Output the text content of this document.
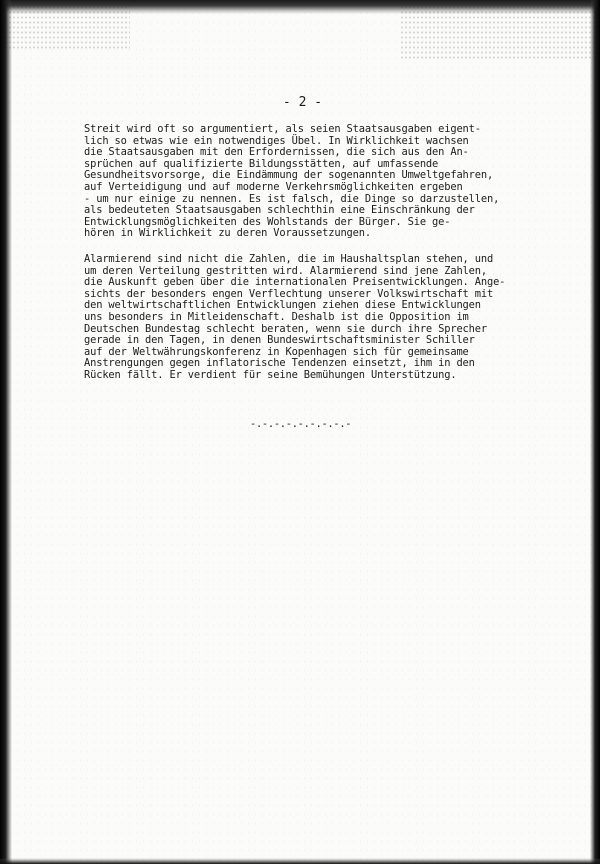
- 2 -
Streit wird oft so argumentiert, als seien Staatsausgaben eigent-
lich so etwas wie ein notwendiges Übel. In Wirklichkeit wachsen
die Staatsausgaben mit den Erfordernissen, die sich aus den An-
sprüchen auf qualifizierte Bildungsstätten, auf umfassende
Gesundheitsvorsorge, die Eindämmung der sogenannten Umweltgefahren,
auf Verteidigung und auf moderne Verkehrsmöglichkeiten ergeben
- um nur einige zu nennen. Es ist falsch, die Dinge so darzustellen,
als bedeuteten Staatsausgaben schlechthin eine Einschränkung der
Entwicklungsmöglichkeiten des Wohlstands der Bürger. Sie ge-
hören in Wirklichkeit zu deren Voraussetzungen.
Alarmierend sind nicht die Zahlen, die im Haushaltsplan stehen, und
um deren Verteilung gestritten wird. Alarmierend sind jene Zahlen,
die Auskunft geben über die internationalen Preisentwicklungen. Ange-
sichts der besonders engen Verflechtung unserer Volkswirtschaft mit
den weltwirtschaftlichen Entwicklungen ziehen diese Entwicklungen
uns besonders in Mitleidenschaft. Deshalb ist die Opposition im
Deutschen Bundestag schlecht beraten, wenn sie durch ihre Sprecher
gerade in den Tagen, in denen Bundeswirtschaftsminister Schiller
auf der Weltwährungskonferenz in Kopenhagen sich für gemeinsame
Anstrengungen gegen inflatorische Tendenzen einsetzt, ihm in den
Rücken fällt. Er verdient für seine Bemühungen Unterstützung.
-.-.-.-.-.-.-.-.-
